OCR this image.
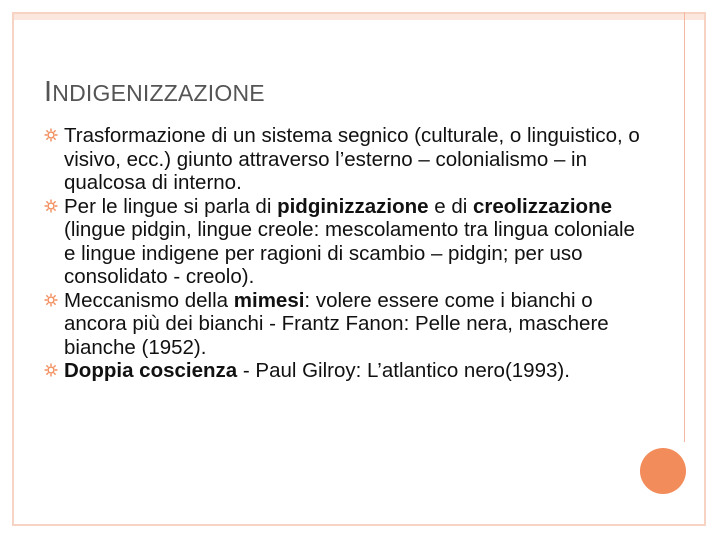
INDIGENIZZAZIONE
Trasformazione di un sistema segnico (culturale, o linguistico, o visivo, ecc.) giunto attraverso l’esterno – colonialismo – in qualcosa di interno.
Per le lingue si parla di pidginizzazione e di creolizzazione (lingue pidgin, lingue creole: mescolamento tra lingua coloniale e lingue indigene per ragioni di scambio – pidgin; per uso consolidato - creolo).
Meccanismo della mimesi: volere essere come i bianchi o ancora più dei bianchi - Frantz Fanon: Pelle nera, maschere bianche (1952).
Doppia coscienza - Paul Gilroy: L’atlantico nero(1993).
